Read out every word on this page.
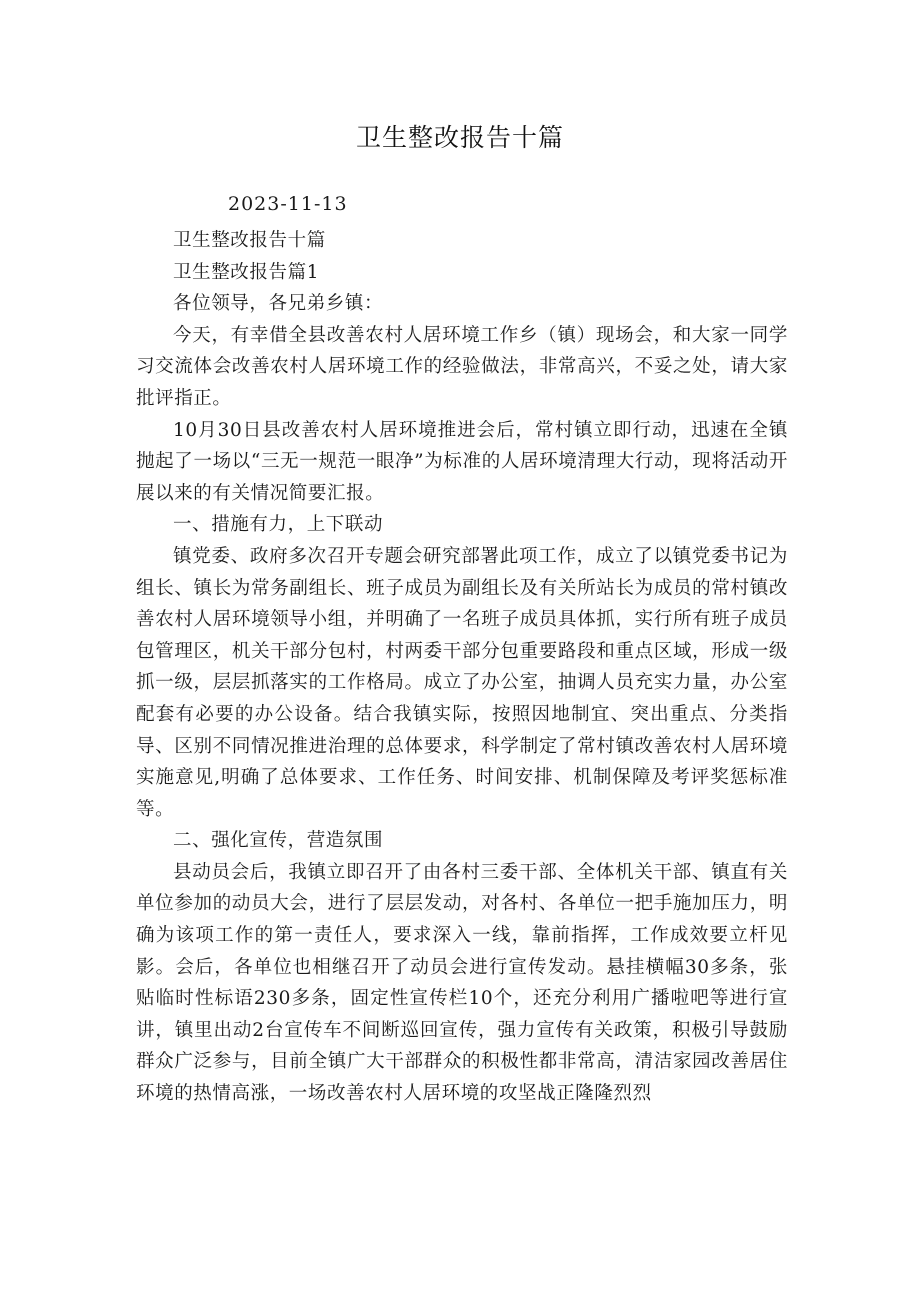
卫生整改报告十篇
2023-11-13

卫生整改报告十篇

卫生整改报告篇1

各位领导，各兄弟乡镇：

今天，有幸借全县改善农村人居环境工作乡（镇）现场会，和大家一同学习交流体会改善农村人居环境工作的经验做法，非常高兴，不妥之处，请大家批评指正。

10月30日县改善农村人居环境推进会后，常村镇立即行动，迅速在全镇抛起了一场以“三无一规范一眼净”为标准的人居环境清理大行动，现将活动开展以来的有关情况简要汇报。

一、措施有力，上下联动

镇党委、政府多次召开专题会研究部署此项工作，成立了以镇党委书记为组长、镇长为常务副组长、班子成员为副组长及有关所站长为成员的常村镇改善农村人居环境领导小组，并明确了一名班子成员具体抓，实行所有班子成员包管理区，机关干部分包村，村两委干部分包重要路段和重点区域，形成一级抓一级，层层抓落实的工作格局。成立了办公室，抽调人员充实力量，办公室配套有必要的办公设备。结合我镇实际，按照因地制宜、突出重点、分类指导、区别不同情况推进治理的总体要求，科学制定了常村镇改善农村人居环境实施意见,明确了总体要求、工作任务、时间安排、机制保障及考评奖惩标准等。

二、强化宣传，营造氛围

县动员会后，我镇立即召开了由各村三委干部、全体机关干部、镇直有关单位参加的动员大会，进行了层层发动，对各村、各单位一把手施加压力，明确为该项工作的第一责任人，要求深入一线，靠前指挥，工作成效要立杆见影。会后，各单位也相继召开了动员会进行宣传发动。悬挂横幅30多条，张贴临时性标语230多条，固定性宣传栏10个，还充分利用广播啦吧等进行宣讲，镇里出动2台宣传车不间断巡回宣传，强力宣传有关政策，积极引导鼓励群众广泛参与，目前全镇广大干部群众的积极性都非常高，清洁家园改善居住环境的热情高涨，一场改善农村人居环境的攻坚战正隆隆烈烈
